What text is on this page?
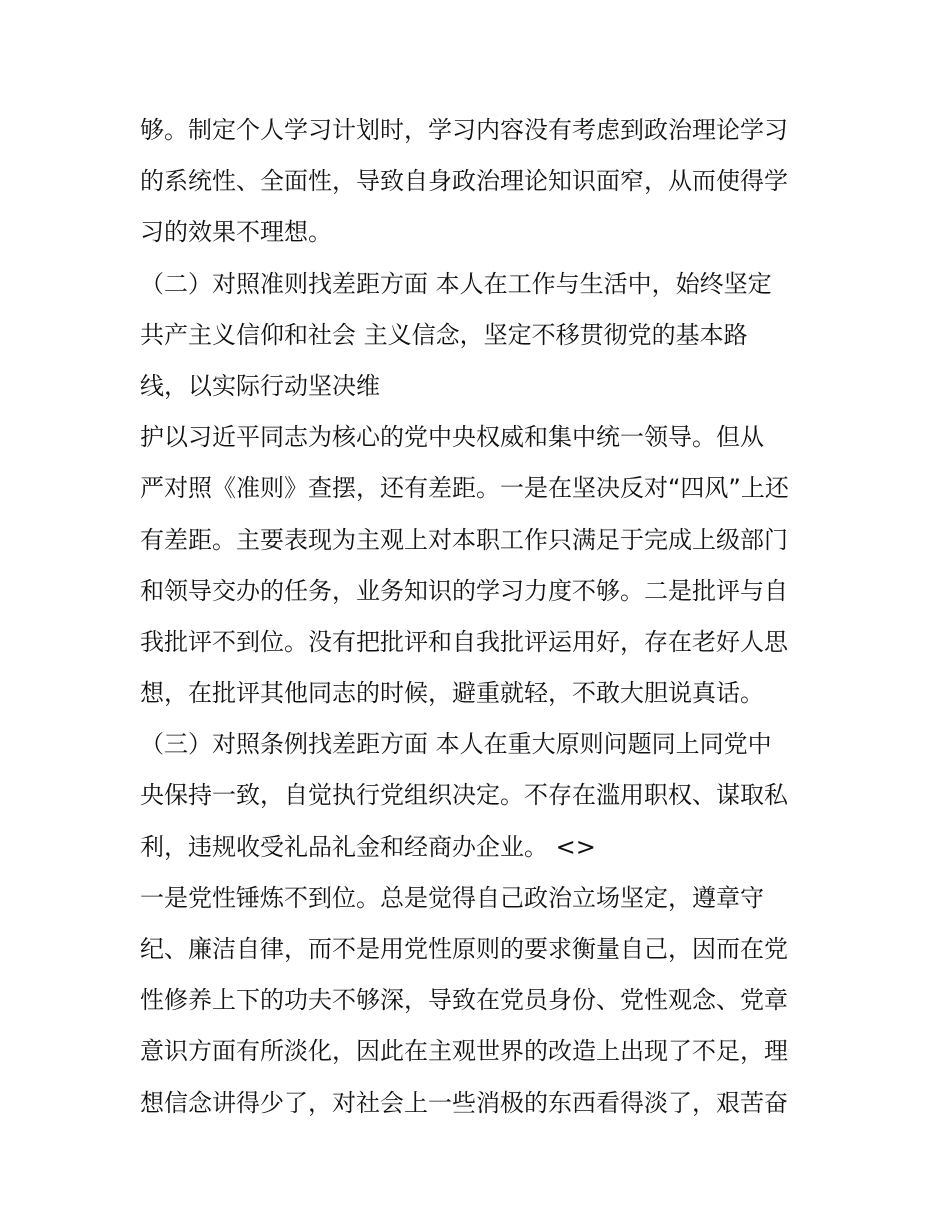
够。制定个人学习计划时，学习内容没有考虑到政治理论学习
的系统性、全面性，导致自身政治理论知识面窄，从而使得学
习的效果不理想。
（二）对照准则找差距方面 本人在工作与生活中，始终坚定
共产主义信仰和社会 主义信念，坚定不移贯彻党的基本路
线，以实际行动坚决维
护以习近平同志为核心的党中央权威和集中统一领导。但从
严对照《准则》查摆，还有差距。一是在坚决反对“四风”上还
有差距。主要表现为主观上对本职工作只满足于完成上级部门
和领导交办的任务，业务知识的学习力度不够。二是批评与自
我批评不到位。没有把批评和自我批评运用好，存在老好人思
想，在批评其他同志的时候，避重就轻，不敢大胆说真话。
（三）对照条例找差距方面 本人在重大原则问题同上同党中
央保持一致，自觉执行党组织决定。不存在滥用职权、谋取私
利，违规收受礼品礼金和经商办企业。 <>
一是党性锤炼不到位。总是觉得自己政治立场坚定，遵章守
纪、廉洁自律，而不是用党性原则的要求衡量自己，因而在党
性修养上下的功夫不够深，导致在党员身份、党性观念、党章
意识方面有所淡化，因此在主观世界的改造上出现了不足，理
想信念讲得少了，对社会上一些消极的东西看得淡了，艰苦奋
